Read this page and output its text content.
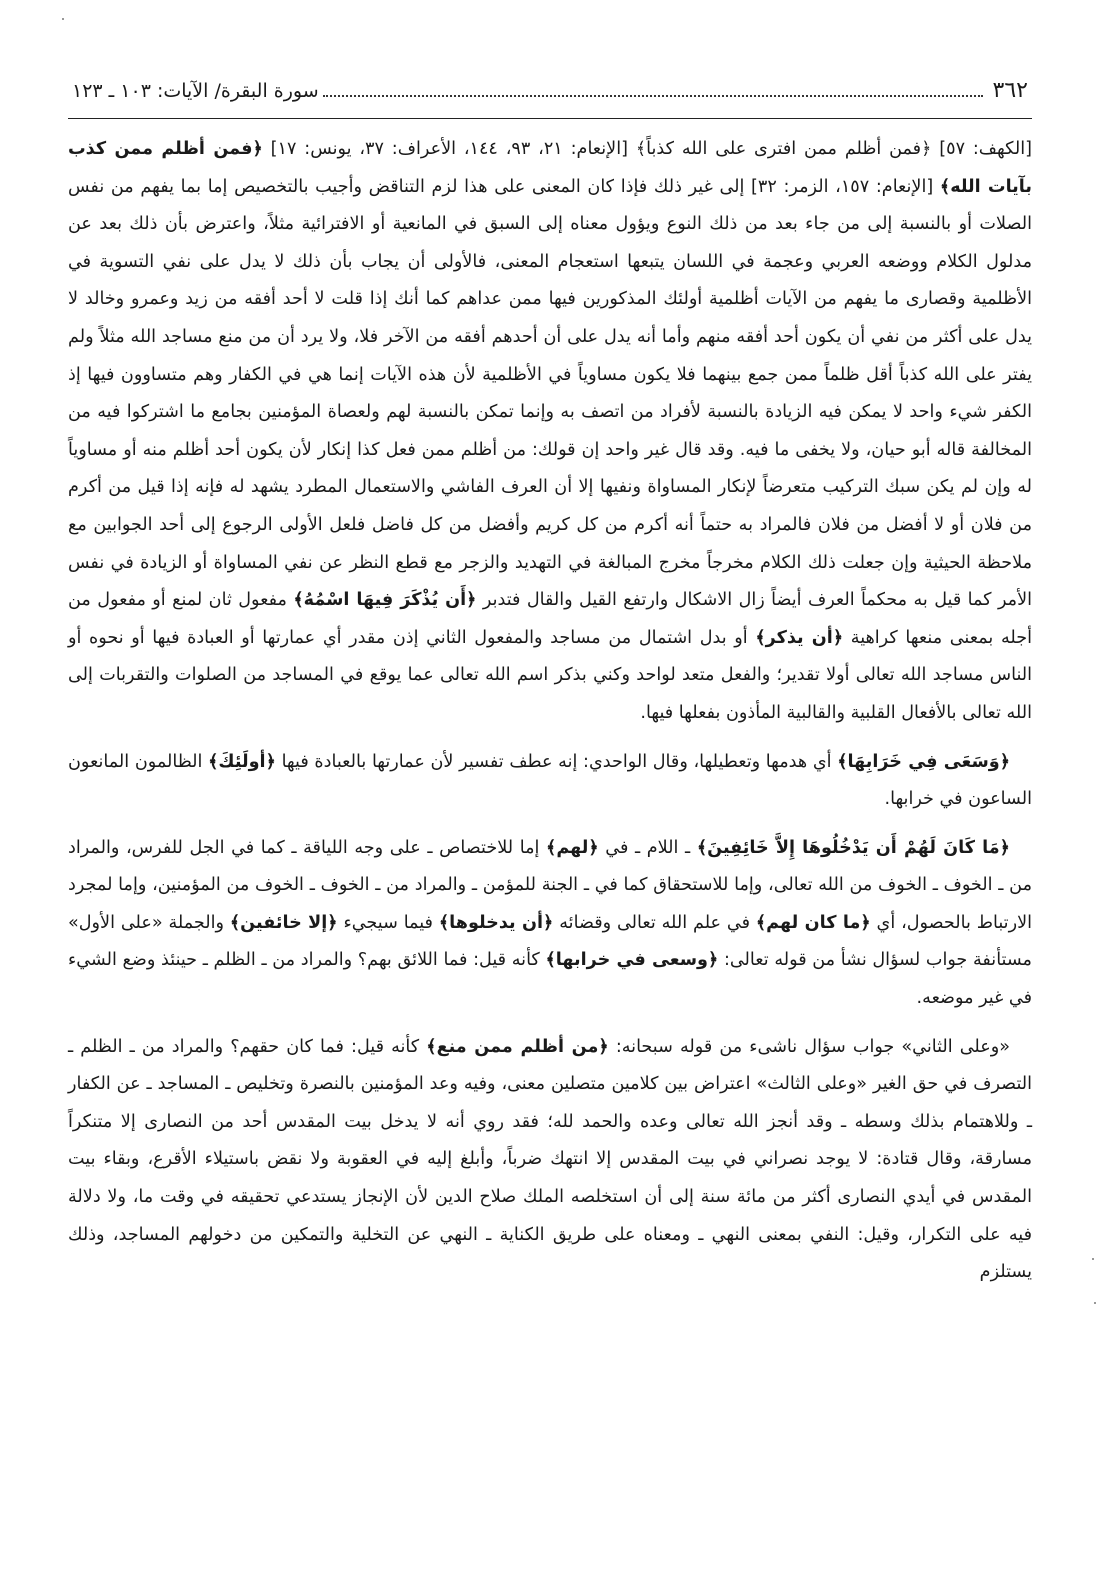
٣٦٢
سورة البقرة/ الآيات: ١٠٣ ـ ١٢٣

[الكهف: ٥٧] ﴿فمن أظلم ممن افترى على الله كذباً﴾ [الإنعام: ٢١، ٩٣، ١٤٤، الأعراف: ٣٧، يونس: ١٧] ﴿فمن أظلم ممن كذب بآيات الله﴾ [الإنعام: ١٥٧، الزمر: ٣٢] إلى غير ذلك فإذا كان المعنى على هذا لزم التناقض وأجيب بالتخصيص إما بما يفهم من نفس الصلات أو بالنسبة إلى من جاء بعد من ذلك النوع ويؤول معناه إلى السبق في المانعية أو الافترائية مثلاً، واعترض بأن ذلك بعد عن مدلول الكلام ووضعه العربي وعجمة في اللسان يتبعها استعجام المعنى، فالأولى أن يجاب بأن ذلك لا يدل على نفي التسوية في الأظلمية وقصارى ما يفهم من الآيات أظلمية أولئك المذكورين فيها ممن عداهم كما أنك إذا قلت لا أحد أفقه من زيد وعمرو وخالد لا يدل على أكثر من نفي أن يكون أحد أفقه منهم وأما أنه يدل على أن أحدهم أفقه من الآخر فلا، ولا يرد أن من منع مساجد الله مثلاً ولم يفتر على الله كذباً أقل ظلماً ممن جمع بينهما فلا يكون مساوياً في الأظلمية لأن هذه الآيات إنما هي في الكفار وهم متساوون فيها إذ الكفر شيء واحد لا يمكن فيه الزيادة بالنسبة لأفراد من اتصف به وإنما تمكن بالنسبة لهم ولعصاة المؤمنين بجامع ما اشتركوا فيه من المخالفة قاله أبو حيان، ولا يخفى ما فيه. وقد قال غير واحد إن قولك: من أظلم ممن فعل كذا إنكار لأن يكون أحد أظلم منه أو مساوياً له وإن لم يكن سبك التركيب متعرضاً لإنكار المساواة ونفيها إلا أن العرف الفاشي والاستعمال المطرد يشهد له فإنه إذا قيل من أكرم من فلان أو لا أفضل من فلان فالمراد به حتماً أنه أكرم من كل كريم وأفضل من كل فاضل فلعل الأولى الرجوع إلى أحد الجوابين مع ملاحظة الحيثية وإن جعلت ذلك الكلام مخرجاً مخرج المبالغة في التهديد والزجر مع قطع النظر عن نفي المساواة أو الزيادة في نفس الأمر كما قيل به محكماً العرف أيضاً زال الاشكال وارتفع القيل والقال فتدبر ﴿أَن يُذْكَرَ فِيهَا اسْمُهُ﴾ مفعول ثان لمنع أو مفعول من أجله بمعنى منعها كراهية ﴿أن يذكر﴾ أو بدل اشتمال من مساجد والمفعول الثاني إذن مقدر أي عمارتها أو العبادة فيها أو نحوه أو الناس مساجد الله تعالى أولا تقدير؛ والفعل متعد لواحد وكني بذكر اسم الله تعالى عما يوقع في المساجد من الصلوات والتقربات إلى الله تعالى بالأفعال القلبية والقالبية المأذون بفعلها فيها.

﴿وَسَعَى فِي خَرَابِهَا﴾ أي هدمها وتعطيلها، وقال الواحدي: إنه عطف تفسير لأن عمارتها بالعبادة فيها ﴿أولَئِكَ﴾ الظالمون المانعون الساعون في خرابها.

﴿مَا كَانَ لَهُمْ أَن يَدْخُلُوهَا إِلاَّ خَائِفِينَ﴾ ـ اللام ـ في ﴿لهم﴾ إما للاختصاص ـ على وجه اللياقة ـ كما في الجل للفرس، والمراد من ـ الخوف ـ الخوف من الله تعالى، وإما للاستحقاق كما في ـ الجنة للمؤمن ـ والمراد من ـ الخوف ـ الخوف من المؤمنين، وإما لمجرد الارتباط بالحصول، أي ﴿ما كان لهم﴾ في علم الله تعالى وقضائه ﴿أن يدخلوها﴾ فيما سيجيء ﴿إلا خائفين﴾ والجملة «على الأول» مستأنفة جواب لسؤال نشأ من قوله تعالى: ﴿وسعى في خرابها﴾ كأنه قيل: فما اللائق بهم؟ والمراد من ـ الظلم ـ حينئذ وضع الشيء في غير موضعه.

«وعلى الثاني» جواب سؤال ناشىء من قوله سبحانه: ﴿من أظلم ممن منع﴾ كأنه قيل: فما كان حقهم؟ والمراد من ـ الظلم ـ التصرف في حق الغير «وعلى الثالث» اعتراض بين كلامين متصلين معنى، وفيه وعد المؤمنين بالنصرة وتخليص ـ المساجد ـ عن الكفار ـ وللاهتمام بذلك وسطه ـ وقد أنجز الله تعالى وعده والحمد لله؛ فقد روي أنه لا يدخل بيت المقدس أحد من النصارى إلا متنكراً مسارقة، وقال قتادة: لا يوجد نصراني في بيت المقدس إلا انتهك ضرباً، وأبلغ إليه في العقوبة ولا نقض باستيلاء الأقرع، وبقاء بيت المقدس في أيدي النصارى أكثر من مائة سنة إلى أن استخلصه الملك صلاح الدين لأن الإنجاز يستدعي تحقيقه في وقت ما، ولا دلالة فيه على التكرار، وقيل: النفي بمعنى النهي ـ ومعناه على طريق الكناية ـ النهي عن التخلية والتمكين من دخولهم المساجد، وذلك يستلزم
